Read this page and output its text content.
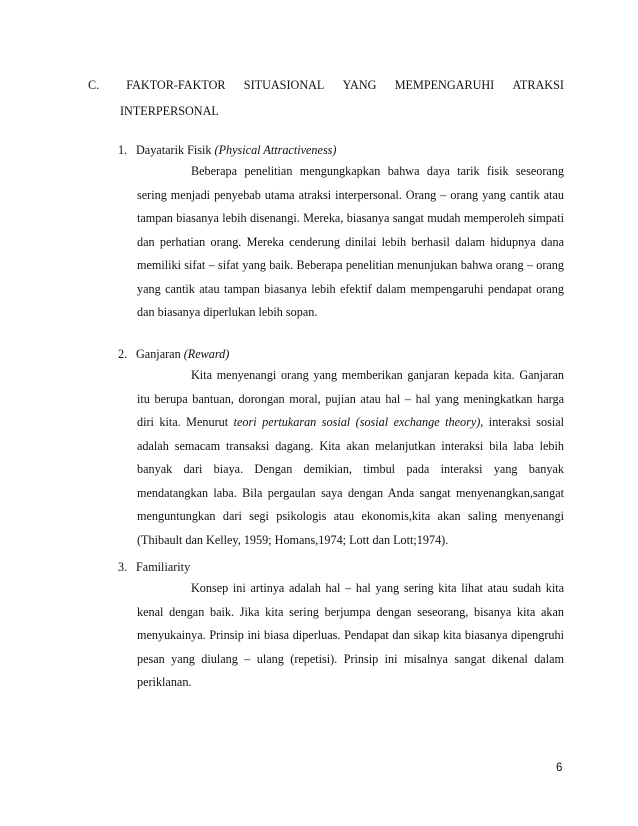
C.	FAKTOR-FAKTOR SITUASIONAL YANG MEMPENGARUHI ATRAKSI
INTERPERSONAL
1. Dayatarik Fisik (Physical Attractiveness)
Beberapa penelitian mengungkapkan bahwa daya tarik fisik seseorang sering menjadi penyebab utama atraksi interpersonal. Orang – orang yang cantik atau tampan biasanya lebih disenangi. Mereka, biasanya sangat mudah memperoleh simpati dan perhatian orang. Mereka cenderung dinilai lebih berhasil dalam hidupnya dana memiliki sifat – sifat yang baik. Beberapa penelitian menunjukan bahwa orang – orang yang cantik atau tampan biasanya lebih efektif dalam mempengaruhi pendapat orang dan biasanya diperlukan lebih sopan.
2. Ganjaran (Reward)
Kita menyenangi orang yang memberikan ganjaran kepada kita. Ganjaran itu berupa bantuan, dorongan moral, pujian atau hal – hal yang meningkatkan harga diri kita. Menurut teori pertukaran sosial (sosial exchange theory), interaksi sosial adalah semacam transaksi dagang. Kita akan melanjutkan interaksi bila laba lebih banyak dari biaya. Dengan demikian, timbul pada interaksi yang banyak mendatangkan laba. Bila pergaulan saya dengan Anda sangat menyenangkan,sangat menguntungkan dari segi psikologis atau ekonomis,kita akan saling menyenangi (Thibault dan Kelley, 1959; Homans,1974; Lott dan Lott;1974).
3. Familiarity
Konsep ini artinya adalah hal – hal yang sering kita lihat atau sudah kita kenal dengan baik. Jika kita sering berjumpa dengan seseorang, bisanya kita akan menyukainya. Prinsip ini biasa diperluas. Pendapat dan sikap kita biasanya dipengruhi pesan yang diulang – ulang (repetisi). Prinsip ini misalnya sangat dikenal dalam periklanan.
6
